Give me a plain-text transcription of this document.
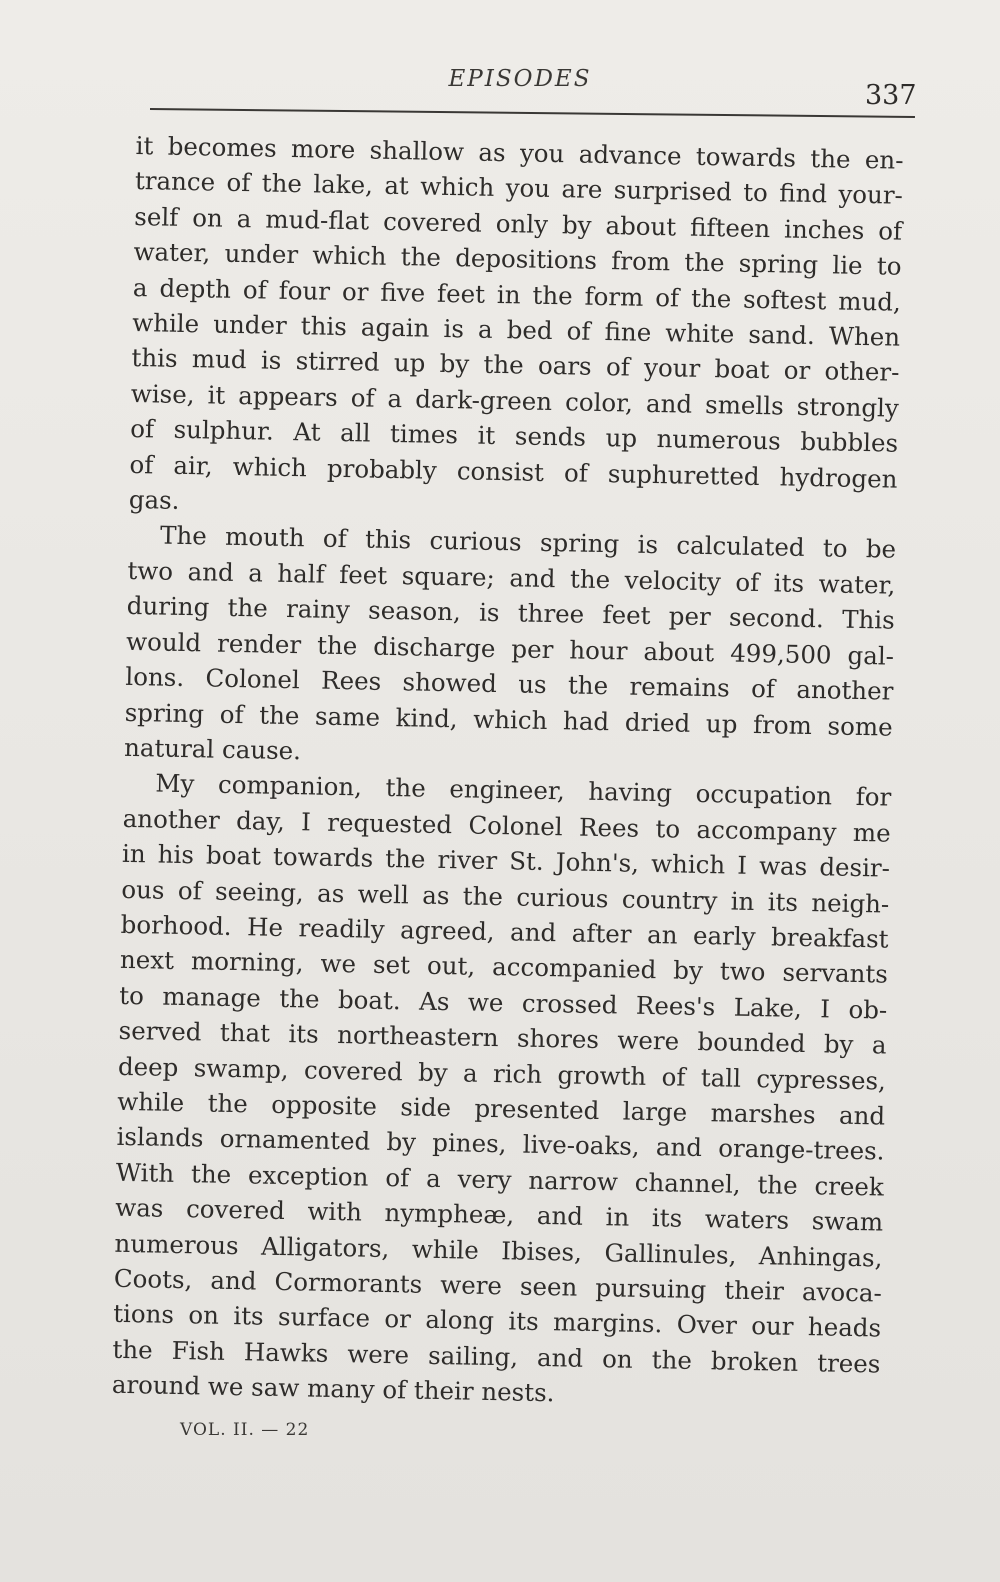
EPISODES
337
it becomes more shallow as you advance towards the en-
trance of the lake, at which you are surprised to find your-
self on a mud-flat covered only by about fifteen inches of
water, under which the depositions from the spring lie to
a depth of four or five feet in the form of the softest mud,
while under this again is a bed of fine white sand. When
this mud is stirred up by the oars of your boat or other-
wise, it appears of a dark-green color, and smells strongly
of sulphur. At all times it sends up numerous bubbles
of air, which probably consist of suphuretted hydrogen
gas.
The mouth of this curious spring is calculated to be
two and a half feet square; and the velocity of its water,
during the rainy season, is three feet per second. This
would render the discharge per hour about 499,500 gal-
lons. Colonel Rees showed us the remains of another
spring of the same kind, which had dried up from some
natural cause.
My companion, the engineer, having occupation for
another day, I requested Colonel Rees to accompany me
in his boat towards the river St. John's, which I was desir-
ous of seeing, as well as the curious country in its neigh-
borhood. He readily agreed, and after an early breakfast
next morning, we set out, accompanied by two servants
to manage the boat. As we crossed Rees's Lake, I ob-
served that its northeastern shores were bounded by a
deep swamp, covered by a rich growth of tall cypresses,
while the opposite side presented large marshes and
islands ornamented by pines, live-oaks, and orange-trees.
With the exception of a very narrow channel, the creek
was covered with nympheæ, and in its waters swam
numerous Alligators, while Ibises, Gallinules, Anhingas,
Coots, and Cormorants were seen pursuing their avoca-
tions on its surface or along its margins. Over our heads
the Fish Hawks were sailing, and on the broken trees
around we saw many of their nests.
VOL. II. — 22
